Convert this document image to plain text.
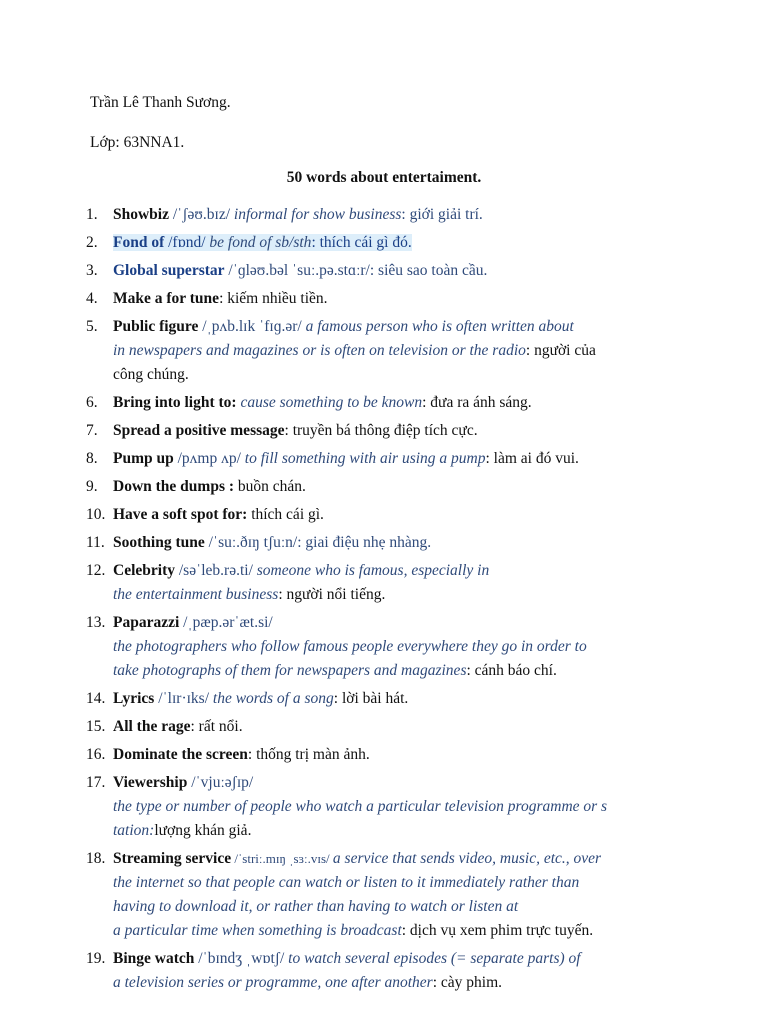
Trần Lê Thanh Sương.
Lớp: 63NNA1.
50 words about entertaiment.
1. Showbiz /ˈʃəʊ.bɪz/ informal for show business: giới giải trí.
2. Fond of /fɒnd/ be fond of sb/sth: thích cái gì đó.
3. Global superstar /ˈɡləʊ.bəl ˈsuː.pə.stɑːr/: siêu sao toàn cầu.
4. Make a for tune: kiếm nhiều tiền.
5. Public figure /ˌpʌb.lɪk ˈfɪɡ.ər/ a famous person who is often written about
in newspapers and magazines or is often on television or the radio: người của
công chúng.
6. Bring into light to: cause something to be known: đưa ra ánh sáng.
7. Spread a positive message: truyền bá thông điệp tích cực.
8. Pump up /pʌmp ʌp/ to fill something with air using a pump: làm ai đó vui.
9. Down the dumps : buồn chán.
10. Have a soft spot for: thích cái gì.
11. Soothing tune /ˈsuː.ðɪŋ tʃuːn/: giai điệu nhẹ nhàng.
12. Celebrity /səˈleb.rə.ti/ someone who is famous, especially in
the entertainment business: người nổi tiếng.
13. Paparazzi /ˌpæp.ərˈæt.si/
the photographers who follow famous people everywhere they go in order to
take photographs of them for newspapers and magazines: cánh báo chí.
14. Lyrics /ˈlɪr·ɪks/ the words of a song: lời bài hát.
15. All the rage: rất nổi.
16. Dominate the screen: thống trị màn ảnh.
17. Viewership /ˈvjuːəʃɪp/
the type or number of people who watch a particular television programme or s
tation:lượng khán giả.
18. Streaming service /ˈstriː.mɪŋ ˌsɜː.vɪs/ a service that sends video, music, etc., over
the internet so that people can watch or listen to it immediately rather than
having to download it, or rather than having to watch or listen at
a particular time when something is broadcast: dịch vụ xem phim trực tuyến.
19. Binge watch /ˈbɪndʒ ˌwɒtʃ/ to watch several episodes (= separate parts) of
a television series or programme, one after another: cày phim.
